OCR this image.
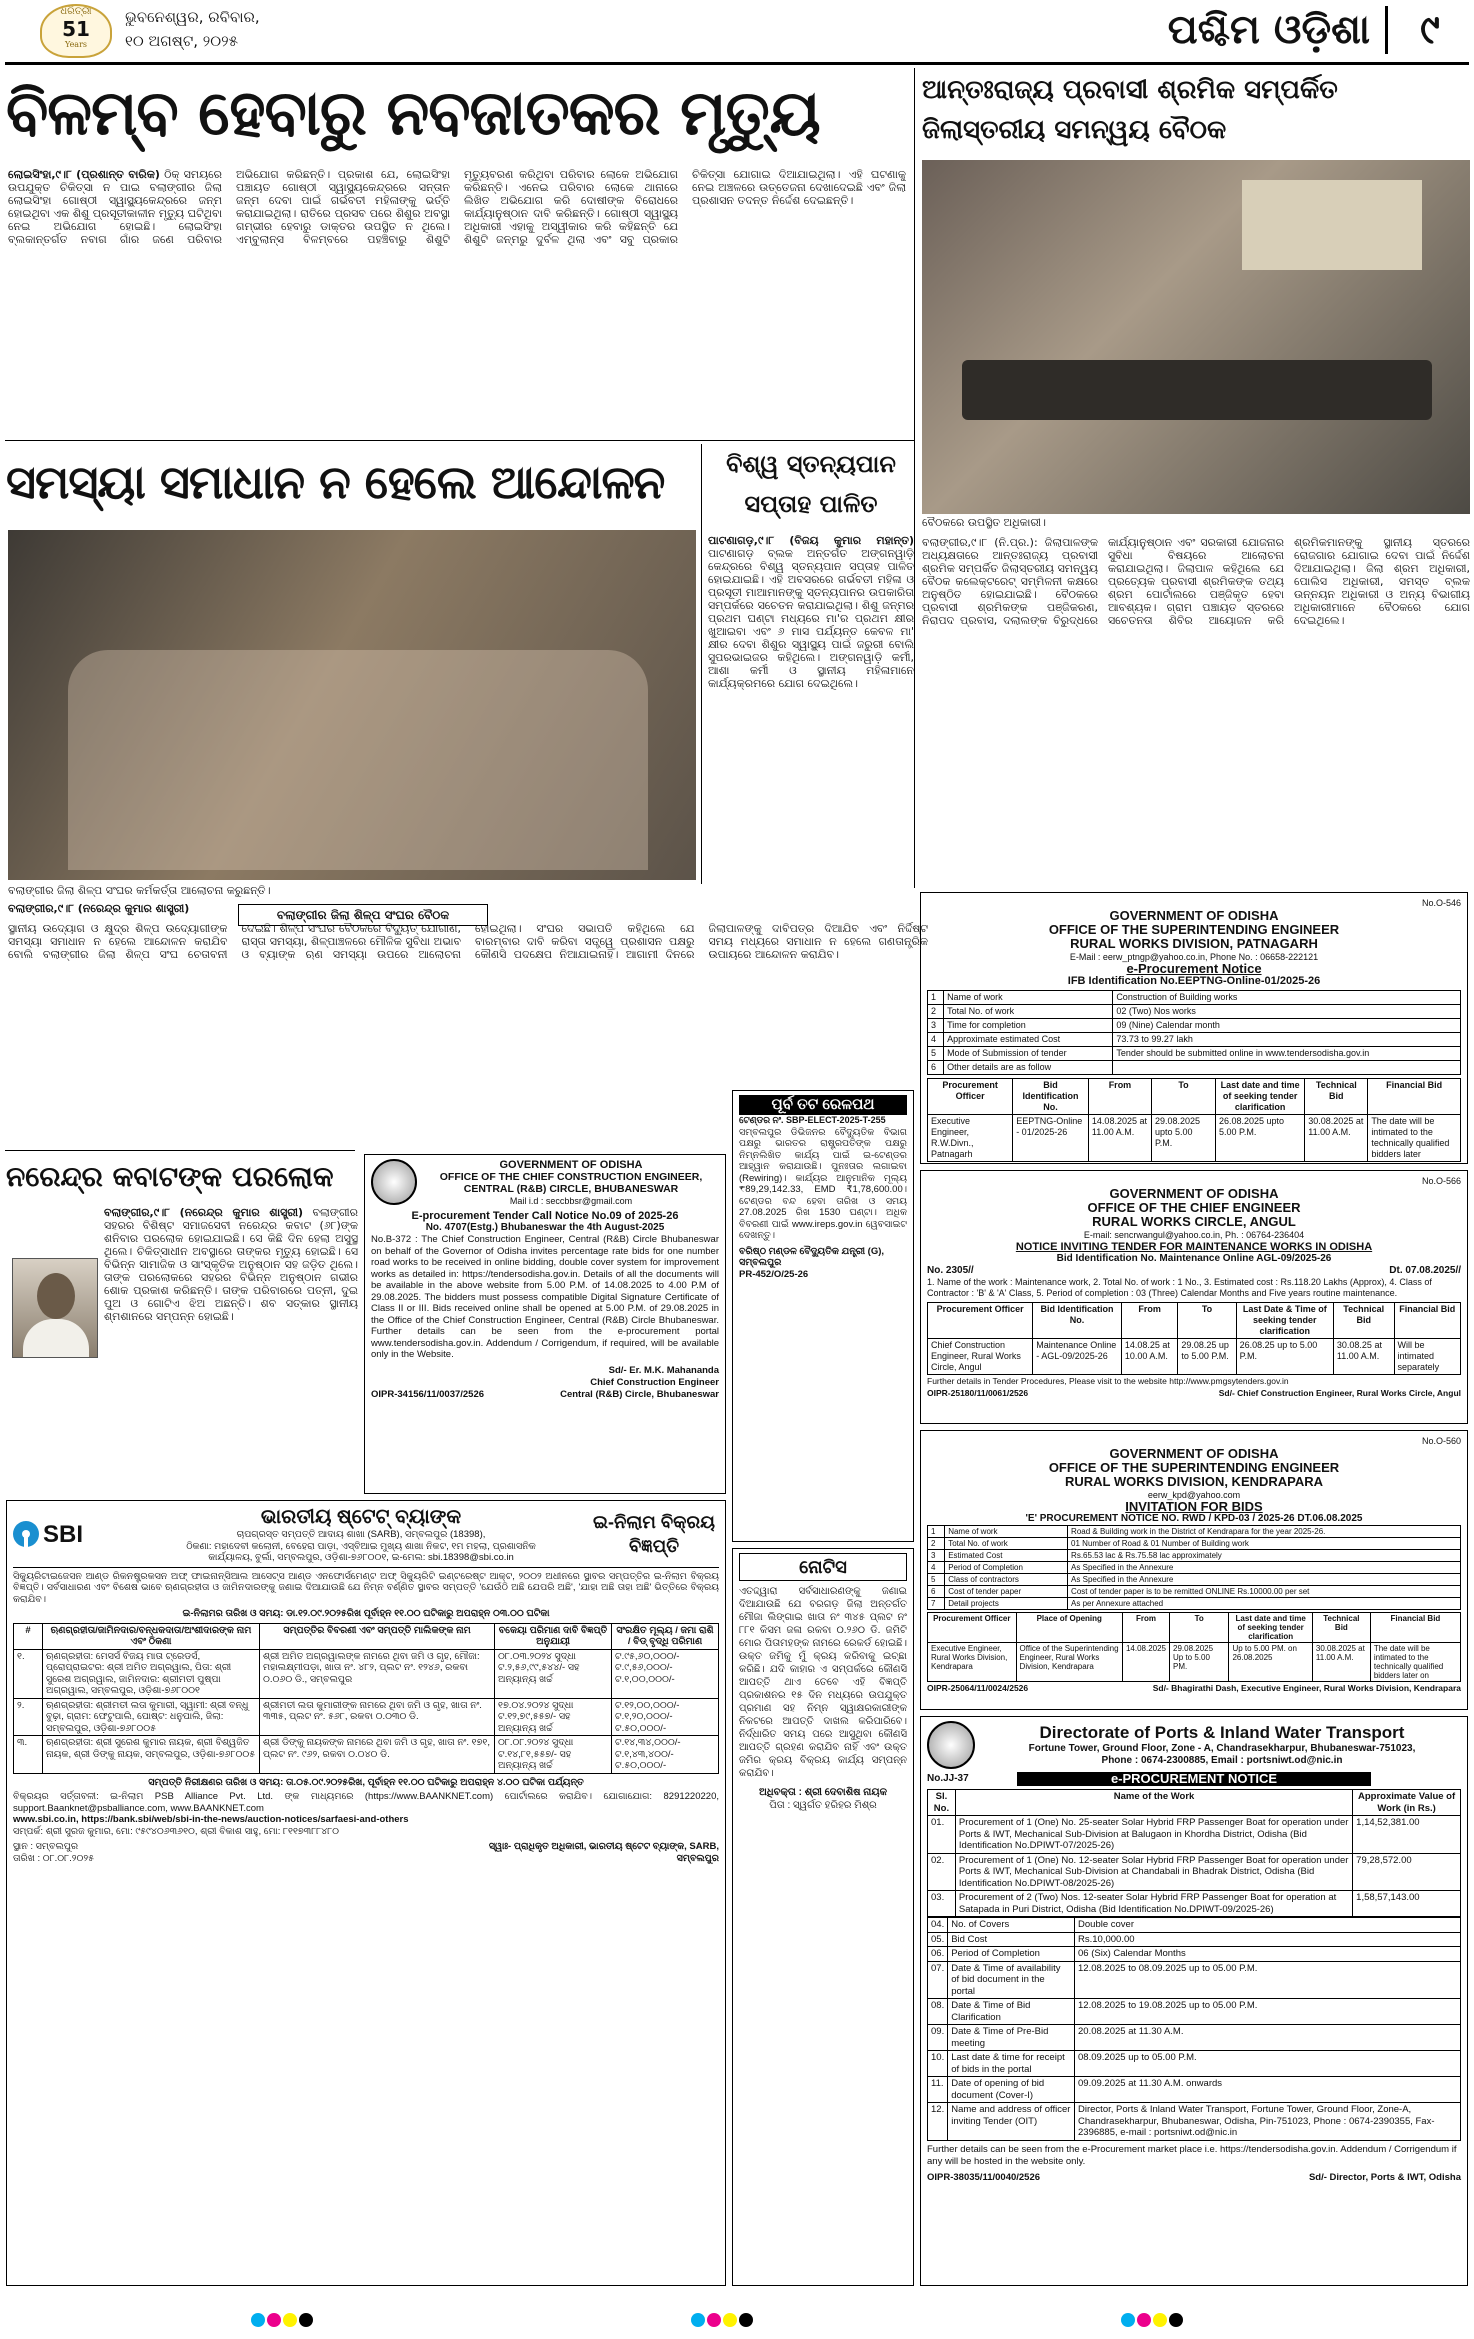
ଧରିତ୍ରୀ
51
Years
ଭୁବନେଶ୍ୱର, ରବିବାର,
୧୦ ଅଗଷ୍ଟ, ୨୦୨୫	ପଶ୍ଚିମ ଓଡ଼ିଶା	୯
ବିଳମ୍ବ ହେବାରୁ ନବଜାତକର ମୃତ୍ୟୁ
ଲୋଇସିଂହା,୯।୮ (ପ୍ରଶାନ୍ତ ବାରିକ) ଠିକ୍ ସମୟରେ ଉପଯୁକ୍ତ ଚିକିତ୍ସା ନ ପାଇ ବଲାଙ୍ଗୀର ଜିଲା ଲୋଇସିଂହା ଗୋଷ୍ଠୀ ସ୍ୱାସ୍ଥ୍ୟକେନ୍ଦ୍ରରେ ଜନ୍ମ ହୋଇଥିବା ଏକ ଶିଶୁ ପ୍ରସୂତୀକାଳୀନ ମୃତ୍ୟୁ ଘଟିଥିବା ନେଇ ଅଭିଯୋଗ ହୋଇଛି। ଲୋଇସିଂହା ବ୍ଲକାନ୍ତର୍ଗତ ନବାଗ ଗାଁର ଜଣେ ପରିବାର ଅଭିଯୋଗ କରିଛନ୍ତି। ପ୍ରକାଶ ଯେ, ଲୋଇସିଂହା ପଞ୍ଚାୟତ ଗୋଷ୍ଠୀ ସ୍ୱାସ୍ଥ୍ୟକେନ୍ଦ୍ରରେ ସନ୍ତାନ ଜନ୍ମ ଦେବା ପାଇଁ ଗର୍ଭବତୀ ମହିଳାଙ୍କୁ ଭର୍ତ୍ତି କରାଯାଇଥିଲା। ରାତିରେ ପ୍ରସବ ପରେ ଶିଶୁର ଅବସ୍ଥା ଗମ୍ଭୀର ହେବାରୁ ଡାକ୍ତର ଉପସ୍ଥିତ ନ ଥିଲେ। ଏମ୍ବୁଲାନ୍ସ ବିଳମ୍ବରେ ପହଞ୍ଚିବାରୁ ଶିଶୁଟି ମୃତ୍ୟୁବରଣ କରିଥିବା ପରିବାର ଲୋକେ ଅଭିଯୋଗ କରିଛନ୍ତି। ଏନେଇ ପରିବାର ଲୋକେ ଥାନାରେ ଲିଖିତ ଅଭିଯୋଗ କରି ଦୋଷୀଙ୍କ ବିରୋଧରେ କାର୍ଯ୍ୟାନୁଷ୍ଠାନ ଦାବି କରିଛନ୍ତି। ଗୋଷ୍ଠୀ ସ୍ୱାସ୍ଥ୍ୟ ଅଧିକାରୀ ଏହାକୁ ଅସ୍ୱୀକାର କରି କହିଛନ୍ତି ଯେ ଶିଶୁଟି ଜନ୍ମରୁ ଦୁର୍ବଳ ଥିଲା ଏବଂ ସବୁ ପ୍ରକାର ଚିକିତ୍ସା ଯୋଗାଇ ଦିଆଯାଇଥିଲା। ଏହି ଘଟଣାକୁ ନେଇ ଅଞ୍ଚଳରେ ଉତ୍ତେଜନା ଦେଖାଦେଇଛି ଏବଂ ଜିଲା ପ୍ରଶାସନ ତଦନ୍ତ ନିର୍ଦ୍ଦେଶ ଦେଇଛନ୍ତି।
ଆନ୍ତଃରାଜ୍ୟ ପ୍ରବାସୀ ଶ୍ରମିକ ସମ୍ପର୍କିତ ଜିଲାସ୍ତରୀୟ ସମନ୍ୱୟ ବୈଠକ
ବୈଠକରେ ଉପସ୍ଥିତ ଅଧିକାରୀ।
ବଲାଙ୍ଗୀର,୯।୮ (ନି.ପ୍ର.): ଜିଲାପାଳଙ୍କ ଅଧ୍ୟକ୍ଷତାରେ ଆନ୍ତଃରାଜ୍ୟ ପ୍ରବାସୀ ଶ୍ରମିକ ସମ୍ପର୍କିତ ଜିଲାସ୍ତରୀୟ ସମନ୍ୱୟ ବୈଠକ କଲେକ୍ଟରେଟ୍ ସମ୍ମିଳନୀ କକ୍ଷରେ ଅନୁଷ୍ଠିତ ହୋଇଯାଇଛି। ବୈଠକରେ ପ୍ରବାସୀ ଶ୍ରମିକଙ୍କ ପଞ୍ଜିକରଣ, ନିରାପଦ ପ୍ରବାସ, ଦଲାଲଙ୍କ ବିରୁଦ୍ଧରେ କାର୍ଯ୍ୟାନୁଷ୍ଠାନ ଏବଂ ସରକାରୀ ଯୋଜନାର ସୁବିଧା ବିଷୟରେ ଆଲୋଚନା କରାଯାଇଥିଲା। ଜିଲାପାଳ କହିଥିଲେ ଯେ ପ୍ରତ୍ୟେକ ପ୍ରବାସୀ ଶ୍ରମିକଙ୍କ ତଥ୍ୟ ଶ୍ରମ ପୋର୍ଟାଲରେ ପଞ୍ଜିକୃତ ହେବା ଆବଶ୍ୟକ। ଗ୍ରାମ ପଞ୍ଚାୟତ ସ୍ତରରେ ସଚେତନତା ଶିବିର ଆୟୋଜନ କରି ଶ୍ରମିକମାନଙ୍କୁ ସ୍ଥାନୀୟ ସ୍ତରରେ ରୋଜଗାର ଯୋଗାଇ ଦେବା ପାଇଁ ନିର୍ଦ୍ଦେଶ ଦିଆଯାଇଥିଲା। ଜିଲା ଶ୍ରମ ଅଧିକାରୀ, ପୋଲିସ ଅଧିକାରୀ, ସମସ୍ତ ବ୍ଲକ ଉନ୍ନୟନ ଅଧିକାରୀ ଓ ଅନ୍ୟ ବିଭାଗୀୟ ଅଧିକାରୀମାନେ ବୈଠକରେ ଯୋଗ ଦେଇଥିଲେ।
ସମସ୍ୟା ସମାଧାନ ନ ହେଲେ ଆନ୍ଦୋଳନ
ବଲାଙ୍ଗୀର ଜିଲା ଶିଳ୍ପ ସଂଘର କର୍ମକର୍ତ୍ତା ଆଲୋଚନା କରୁଛନ୍ତି।
ବଲାଙ୍ଗୀର,୯।୮ (ନରେନ୍ଦ୍ର କୁମାର ଶାସ୍ତ୍ରୀ)	ବଲାଙ୍ଗୀର ଜିଲା ଶିଳ୍ପ ସଂଘର ବୈଠକ
ସ୍ଥାନୀୟ ଉଦ୍ୟୋଗ ଓ କ୍ଷୁଦ୍ର ଶିଳ୍ପ ଉଦ୍ୟୋଗୀଙ୍କ ସମସ୍ୟା ସମାଧାନ ନ ହେଲେ ଆନ୍ଦୋଳନ କରାଯିବ ବୋଲି ବଲାଙ୍ଗୀର ଜିଲା ଶିଳ୍ପ ସଂଘ ଚେତାବନୀ ଦେଇଛି। ଶିଳ୍ପ ସଂଘର ବୈଠକରେ ବିଦ୍ୟୁତ୍ ଯୋଗାଣ, ରାସ୍ତା ସମସ୍ୟା, ଶିଳ୍ପାଞ୍ଚଳରେ ମୌଳିକ ସୁବିଧା ଅଭାବ ଓ ବ୍ୟାଙ୍କ ଋଣ ସମସ୍ୟା ଉପରେ ଆଲୋଚନା ହୋଇଥିଲା। ସଂଘର ସଭାପତି କହିଥିଲେ ଯେ ବାରମ୍ବାର ଦାବି କରିବା ସତ୍ତ୍ୱେ ପ୍ରଶାସନ ପକ୍ଷରୁ କୌଣସି ପଦକ୍ଷେପ ନିଆଯାଇନାହିଁ। ଆଗାମୀ ଦିନରେ ଜିଲାପାଳଙ୍କୁ ଦାବିପତ୍ର ଦିଆଯିବ ଏବଂ ନିର୍ଦ୍ଦିଷ୍ଟ ସମୟ ମଧ୍ୟରେ ସମାଧାନ ନ ହେଲେ ଗଣତାନ୍ତ୍ରିକ ଉପାୟରେ ଆନ୍ଦୋଳନ କରାଯିବ।
ବିଶ୍ୱ ସ୍ତନ୍ୟପାନ ସପ୍ତାହ ପାଳିତ
ପାଟଣାଗଡ଼,୯।୮ (ବିଜୟ କୁମାର ମହାନ୍ତ) ପାଟଣାଗଡ଼ ବ୍ଲକ ଅନ୍ତର୍ଗତ ଅଙ୍ଗନୱାଡ଼ି କେନ୍ଦ୍ରରେ ବିଶ୍ୱ ସ୍ତନ୍ୟପାନ ସପ୍ତାହ ପାଳିତ ହୋଇଯାଇଛି। ଏହି ଅବସରରେ ଗର୍ଭବତୀ ମହିଳା ଓ ପ୍ରସୂତୀ ମାଆମାନଙ୍କୁ ସ୍ତନ୍ୟପାନର ଉପକାରିତା ସମ୍ପର୍କରେ ସଚେତନ କରାଯାଇଥିଲା। ଶିଶୁ ଜନ୍ମର ପ୍ରଥମ ଘଣ୍ଟା ମଧ୍ୟରେ ମା'ର ପ୍ରଥମ କ୍ଷୀର ଖୁଆଇବା ଏବଂ ୬ ମାସ ପର୍ଯ୍ୟନ୍ତ କେବଳ ମା' କ୍ଷୀର ଦେବା ଶିଶୁର ସ୍ୱାସ୍ଥ୍ୟ ପାଇଁ ଜରୁରୀ ବୋଲି ସୁପରଭାଇଜର କହିଥିଲେ। ଅଙ୍ଗନୱାଡ଼ି କର୍ମୀ, ଆଶା କର୍ମୀ ଓ ସ୍ଥାନୀୟ ମହିଳାମାନେ କାର୍ଯ୍ୟକ୍ରମରେ ଯୋଗ ଦେଇଥିଲେ।
No.O-546
GOVERNMENT OF ODISHA
OFFICE OF THE SUPERINTENDING ENGINEER
RURAL WORKS DIVISION, PATNAGARH
E-Mail : eerw_ptngp@yahoo.co.in, Phone No. : 06658-222121
e-Procurement Notice
IFB Identification No.EEPTNG-Online-01/2025-26
1	Name of work	Construction of Building works
2	Total No. of work	02 (Two) Nos works
3	Time for completion	09 (Nine) Calendar month
4	Approximate estimated Cost	73.73 to 99.27 lakh
5	Mode of Submission of tender	Tender should be submitted online in www.tendersodisha.gov.in
6	Other details are as follow	
Procurement Officer	Bid Identification No.	From	To	Last date and time of seeking tender clarification	Technical Bid	Financial Bid
Executive Engineer, R.W.Divn., Patnagarh	EEPTNG-Online - 01/2025-26	14.08.2025 at 11.00 A.M.	29.08.2025 upto 5.00 P.M.	26.08.2025 upto 5.00 P.M.	30.08.2025 at 11.00 A.M.	The date will be intimated to the technically qualified bidders later
No.O-566
GOVERNMENT OF ODISHA
OFFICE OF THE CHIEF ENGINEER
RURAL WORKS CIRCLE, ANGUL
E-mail: sencrwangul@yahoo.co.in, Ph. : 06764-236404
NOTICE INVITING TENDER FOR MAINTENANCE WORKS IN ODISHA
Bid Identification No. Maintenance Online AGL-09/2025-26
No. 2305//	Dt. 07.08.2025//
1. Name of the work : Maintenance work, 2. Total No. of work : 1 No., 3. Estimated cost : Rs.118.20 Lakhs (Approx), 4. Class of Contractor : 'B' & 'A' Class, 5. Period of completion : 03 (Three) Calendar Months and Five years routine maintenance.
Procurement Officer	Bid Identification No.	From	To	Last Date & Time of seeking tender clarification	Technical Bid	Financial Bid
Chief Construction Engineer, Rural Works Circle, Angul	Maintenance Online - AGL-09/2025-26	14.08.25 at 10.00 A.M.	29.08.25 up to 5.00 P.M.	26.08.25 up to 5.00 P.M.	30.08.25 at 11.00 A.M.	Will be intimated separately
Further details in Tender Procedures, Please visit to the website http://www.pmgsytenders.gov.in
OIPR-25180/11/0061/2526	Sd/- Chief Construction Engineer, Rural Works Circle, Angul
No.O-560
GOVERNMENT OF ODISHA
OFFICE OF THE SUPERINTENDING ENGINEER
RURAL WORKS DIVISION, KENDRAPARA
eerw_kpd@yahoo.com
INVITATION FOR BIDS
'E' PROCUREMENT NOTICE NO. RWD / KPD-03 / 2025-26 DT.06.08.2025
1	Name of work	Road & Building work in the District of Kendrapara for the year 2025-26.
2	Total No. of work	01 Number of Road & 01 Number of Building work
3	Estimated Cost	Rs.65.53 lac & Rs.75.58 lac approximately
4	Period of Completion	As Specified in the Annexure
5	Class of contractors	As Specified in the Annexure
6	Cost of tender paper	Cost of tender paper is to be remitted ONLINE Rs.10000.00 per set
7	Detail projects	As per Annexure attached
Procurement Officer	Place of Opening	From	To	Last date and time of seeking tender clarification	Technical Bid	Financial Bid
Executive Engineer, Rural Works Division, Kendrapara	Office of the Superintending Engineer, Rural Works Division, Kendrapara	14.08.2025	29.08.2025 Up to 5.00 PM.	Up to 5.00 PM. on 26.08.2025	30.08.2025 at 11.00 A.M.	The date will be intimated to the technically qualified bidders later on
OIPR-25064/11/0024/2526	Sd/- Bhagirathi Dash, Executive Engineer, Rural Works Division, Kendrapara
Directorate of Ports & Inland Water Transport
Fortune Tower, Ground Floor, Zone - A, Chandrasekharpur, Bhubaneswar-751023,
Phone : 0674-2300885, Email : portsniwt.od@nic.in
No.JJ-37	e-PROCUREMENT NOTICE
Sl. No.	Name of the Work	Approximate Value of Work (in Rs.)
01.	Procurement of 1 (One) No. 25-seater Solar Hybrid FRP Passenger Boat for operation under Ports & IWT, Mechanical Sub-Division at Balugaon in Khordha District, Odisha (Bid Identification No.DPIWT-07/2025-26)	1,14,52,381.00
02.	Procurement of 1 (One) No. 12-seater Solar Hybrid FRP Passenger Boat for operation under Ports & IWT, Mechanical Sub-Division at Chandabali in Bhadrak District, Odisha (Bid Identification No.DPIWT-08/2025-26)	79,28,572.00
03.	Procurement of 2 (Two) Nos. 12-seater Solar Hybrid FRP Passenger Boat for operation at Satapada in Puri District, Odisha (Bid Identification No.DPIWT-09/2025-26)	1,58,57,143.00
04.	No. of Covers	Double cover
05.	Bid Cost	Rs.10,000.00
06.	Period of Completion	06 (Six) Calendar Months
07.	Date & Time of availability of bid document in the portal	12.08.2025 to 08.09.2025 up to 05.00 P.M.
08.	Date & Time of Bid Clarification	12.08.2025 to 19.08.2025 up to 05.00 P.M.
09.	Date & Time of Pre-Bid meeting	20.08.2025 at 11.30 A.M.
10.	Last date & time for receipt of bids in the portal	08.09.2025 up to 05.00 P.M.
11.	Date of opening of bid document (Cover-I)	09.09.2025 at 11.30 A.M. onwards
12.	Name and address of officer inviting Tender (OIT)	Director, Ports & Inland Water Transport, Fortune Tower, Ground Floor, Zone-A, Chandrasekharpur, Bhubaneswar, Odisha, Pin-751023, Phone : 0674-2390355, Fax-2396885, e-mail : portsniwt.od@nic.in
Further details can be seen from the e-Procurement market place i.e. https://tendersodisha.gov.in. Addendum / Corrigendum if any will be hosted in the website only.
OIPR-38035/11/0040/2526	Sd/- Director, Ports & IWT, Odisha
ନରେନ୍ଦ୍ର କବାଟଙ୍କ ପରଲୋକ
ବଲାଙ୍ଗୀର,୯।୮ (ନରେନ୍ଦ୍ର କୁମାର ଶାସ୍ତ୍ରୀ) ବଲାଙ୍ଗୀର ସହରର ବିଶିଷ୍ଟ ସମାଜସେବୀ ନରେନ୍ଦ୍ର କବାଟ (୬୮)ଙ୍କ ଶନିବାର ପରଲୋକ ହୋଇଯାଇଛି। ସେ କିଛି ଦିନ ହେଲା ଅସୁସ୍ଥ ଥିଲେ। ଚିକିତ୍ସାଧୀନ ଅବସ୍ଥାରେ ତାଙ୍କର ମୃତ୍ୟୁ ହୋଇଛି। ସେ ବିଭିନ୍ନ ସାମାଜିକ ଓ ସାଂସ୍କୃତିକ ଅନୁଷ୍ଠାନ ସହ ଜଡ଼ିତ ଥିଲେ। ତାଙ୍କ ପରଲୋକରେ ସହରର ବିଭିନ୍ନ ଅନୁଷ୍ଠାନ ଗଭୀର ଶୋକ ପ୍ରକାଶ କରିଛନ୍ତି। ତାଙ୍କ ପରିବାରରେ ପତ୍ନୀ, ଦୁଇ ପୁଅ ଓ ଗୋଟିଏ ଝିଅ ଅଛନ୍ତି। ଶବ ସତ୍କାର ସ୍ଥାନୀୟ ଶ୍ମଶାନରେ ସମ୍ପନ୍ନ ହୋଇଛି।
GOVERNMENT OF ODISHA
OFFICE OF THE CHIEF CONSTRUCTION ENGINEER,
CENTRAL (R&B) CIRCLE, BHUBANESWAR
Mail i.d : seccbbsr@gmail.com
E-procurement Tender Call Notice No.09 of 2025-26
No. 4707(Estg.) Bhubaneswar the 4th August-2025
No.B-372 : The Chief Construction Engineer, Central (R&B) Circle Bhubaneswar on behalf of the Governor of Odisha invites percentage rate bids for one number road works to be received in online bidding, double cover system for improvement works as detailed in: https://tendersodisha.gov.in. Details of all the documents will be available in the above website from 5.00 P.M. of 14.08.2025 to 4.00 P.M of 29.08.2025. The bidders must possess compatible Digital Signature Certificate of Class II or III. Bids received online shall be opened at 5.00 P.M. of 29.08.2025 in the Office of the Chief Construction Engineer, Central (R&B) Circle Bhubaneswar. Further details can be seen from the e-procurement portal www.tendersodisha.gov.in. Addendum / Corrigendum, if required, will be available only in the Website.
Sd/- Er. M.K. Mahananda
Chief Construction Engineer
OIPR-34156/11/0037/2526	Central (R&B) Circle, Bhubaneswar
ପୂର୍ବ ତଟ ରେଳପଥ
ଟେଣ୍ଡର ନଂ. SBP-ELECT-2025-T-255
ସମ୍ବଲପୁର ଡିଭିଜନର ବୈଦ୍ୟୁତିକ ବିଭାଗ ପକ୍ଷରୁ ଭାରତର ରାଷ୍ଟ୍ରପତିଙ୍କ ପକ୍ଷରୁ ନିମ୍ନଲିଖିତ କାର୍ଯ୍ୟ ପାଇଁ ଇ-ଟେଣ୍ଡର ଆହ୍ୱାନ କରାଯାଉଛି। ପୁନଃତାର ଲଗାଇବା (Rewiring)। କାର୍ଯ୍ୟର ଆନୁମାନିକ ମୂଲ୍ୟ ₹89,29,142.33, EMD ₹1,78,600.00। ଟେଣ୍ଡର ବନ୍ଦ ହେବା ତାରିଖ ଓ ସମୟ 27.08.2025 ରିଖ 1530 ଘଣ୍ଟା। ଅଧିକ ବିବରଣୀ ପାଇଁ www.ireps.gov.in ୱେବସାଇଟ ଦେଖନ୍ତୁ।
ବରିଷ୍ଠ ମଣ୍ଡଳ ବୈଦ୍ୟୁତିକ ଯନ୍ତ୍ରୀ (G), ସମ୍ବଲପୁର
PR-452/O/25-26
ନୋଟିସ
ଏତଦ୍ଦ୍ୱାରା ସର୍ବସାଧାରଣଙ୍କୁ ଜଣାଇ ଦିଆଯାଉଛି ଯେ ବରଗଡ଼ ଜିଲା ଅନ୍ତର୍ଗତ ମୌଜା ଲିଙ୍ଗାଇ ଖାତା ନଂ ୩୪୫ ପ୍ଲଟ ନଂ ୮୮୧ କିସମ ଜଳା ରକବା ୦.୨୬୦ ଡି. ଜମିଟି ମୋର ପିତାମହଙ୍କ ନାମରେ ରେକର୍ଡ ହୋଇଛି। ଉକ୍ତ ଜମିକୁ ମୁଁ କ୍ରୟ କରିବାକୁ ଇଚ୍ଛା କରିଛି। ଯଦି କାହାର ଏ ସମ୍ପର୍କରେ କୌଣସି ଆପତ୍ତି ଥାଏ ତେବେ ଏହି ବିଜ୍ଞପ୍ତି ପ୍ରକାଶନର ୧୫ ଦିନ ମଧ୍ୟରେ ଉପଯୁକ୍ତ ପ୍ରମାଣ ସହ ନିମ୍ନ ସ୍ୱାକ୍ଷରକାରୀଙ୍କ ନିକଟରେ ଆପତ୍ତି ଦାଖଲ କରିପାରିବେ। ନିର୍ଦ୍ଧାରିତ ସମୟ ପରେ ଆସୁଥିବା କୌଣସି ଆପତ୍ତି ଗ୍ରହଣ କରାଯିବ ନାହିଁ ଏବଂ ଉକ୍ତ ଜମିର କ୍ରୟ ବିକ୍ରୟ କାର୍ଯ୍ୟ ସମ୍ପନ୍ନ କରାଯିବ।
ଅଧିବକ୍ତା : ଶ୍ରୀ ଦେବାଶିଷ ନାୟକ
ପିତା : ସ୍ୱର୍ଗତ ହରିହର ମିଶ୍ର
SBI
ଭାରତୀୟ ଷ୍ଟେଟ୍ ବ୍ୟାଙ୍କ
ଚାପଗ୍ରସ୍ତ ସମ୍ପତ୍ତି ଆଦାୟ ଶାଖା (SARB), ସମ୍ବଲପୁର (18398),
ଠିକଣା: ମହାଦେବୀ କଲୋନୀ, ବେହେରା ପାଡ଼ା, ଏସ୍‌ବିଆଇ ମୁଖ୍ୟ ଶାଖା ନିକଟ, ୧ମ ମହଲା, ପ୍ରଶାସନିକ
କାର୍ଯ୍ୟାଳୟ, ବୁର୍ଲା, ସମ୍ବଲପୁର, ଓଡ଼ିଶା-୭୬୮୦୦୧, ଇ-ମେଲ: sbi.18398@sbi.co.in
ଇ-ନିଲାମ ବିକ୍ରୟ ବିଜ୍ଞପ୍ତି
ସିକ୍ୟୁରିଟାଇଜେସନ ଆଣ୍ଡ ରିକନଷ୍ଟ୍ରକସନ ଅଫ୍ ଫାଇନାନ୍ସିଆଲ ଆସେଟ୍ସ ଆଣ୍ଡ ଏନଫୋର୍ସମେଣ୍ଟ ଅଫ୍ ସିକ୍ୟୁରିଟି ଇଣ୍ଟରେଷ୍ଟ ଆକ୍ଟ, ୨୦୦୨ ଅଧୀନରେ ସ୍ଥାବର ସମ୍ପତ୍ତିର ଇ-ନିଲାମ ବିକ୍ରୟ ବିଜ୍ଞପ୍ତି। ସର୍ବସାଧାରଣ ଏବଂ ବିଶେଷ ଭାବେ ଋଣଗ୍ରହୀତା ଓ ଜାମିନଦାରଙ୍କୁ ଜଣାଇ ଦିଆଯାଉଛି ଯେ ନିମ୍ନ ବର୍ଣ୍ଣିତ ସ୍ଥାବର ସମ୍ପତ୍ତି 'ଯେଉଁଠି ଅଛି ଯେପରି ଅଛି', 'ଯାହା ଅଛି ତାହା ଅଛି' ଭିତ୍ତିରେ ବିକ୍ରୟ କରାଯିବ।
ଇ-ନିଲାମର ତାରିଖ ଓ ସମୟ: ଡା.୧୨.୦୯.୨୦୨୫ରିଖ ପୂର୍ବାହ୍ନ ୧୧.୦୦ ଘଟିକାରୁ ଅପରାହ୍ନ ୦୩.୦୦ ଘଟିକା
#	ଋଣଗ୍ରହୀତା/ଜାମିନଦାର/ବନ୍ଧକଦାତା/ଅଂଶୀଦାରଙ୍କ ନାମ ଏବଂ ଠିକଣା	ସମ୍ପତ୍ତିର ବିବରଣୀ ଏବଂ ସମ୍ପତ୍ତି ମାଲିକଙ୍କ ନାମ	ବକେୟା ପରିମାଣ ଦାବି ବିଜ୍ଞପ୍ତି ଅନୁଯାୟୀ	ସଂରକ୍ଷିତ ମୂଲ୍ୟ / ଜମା ରାଶି / ବିଡ୍ ବୃଦ୍ଧି ପରିମାଣ
୧.	ଋଣଗ୍ରହୀତା: ମେସର୍ସ ବିଜୟ ମାତା ଟ୍ରେଡର୍ସ, ପ୍ରୋପ୍ରାଇଟର: ଶ୍ରୀ ଅମିତ ଅଗ୍ରୱାଲ, ପିତା: ଶ୍ରୀ ସୁରେଶ ଅଗ୍ରୱାଲ, ଜାମିନଦାର: ଶ୍ରୀମତୀ ପୁଷ୍ପା ଅଗ୍ରୱାଲ, ସମ୍ବଲପୁର, ଓଡ଼ିଶା-୭୬୮୦୦୧	ଶ୍ରୀ ଅମିତ ଅଗ୍ରୱାଲଙ୍କ ନାମରେ ଥିବା ଜମି ଓ ଗୃହ, ମୌଜା: ମହାଲକ୍ଷ୍ମୀପଡ଼ା, ଖାତା ନଂ. ୪୮୨, ପ୍ଲଟ ନଂ. ୧୨୪୬, ରକବା ୦.୦୬୦ ଡି., ସମ୍ବଲପୁର	୦୮.୦୩.୨୦୨୪ ସୁଦ୍ଧା ଟ.୨,୫୬,୯୯,୫୪୪/- ସହ ଅନ୍ୟାନ୍ୟ ଖର୍ଚ୍ଚ	ଟ.୯୫,୬୦,୦୦୦/- ଟ.୯,୫୬,୦୦୦/- ଟ.୧,୦୦,୦୦୦/-
୨.	ଋଣଗ୍ରହୀତା: ଶ୍ରୀମତୀ ଲତା କୁମାରୀ, ସ୍ୱାମୀ: ଶ୍ରୀ ବନ୍ଧୁ ବୁଢ଼ା, ଗ୍ରାମ: ଫେଟୁପାଲି, ପୋଷ୍ଟ: ଧନୁପାଲି, ଜିଲା: ସମ୍ବଲପୁର, ଓଡ଼ିଶା-୭୬୮୦୦୫	ଶ୍ରୀମତୀ ଲତା କୁମାରୀଙ୍କ ନାମରେ ଥିବା ଜମି ଓ ଗୃହ, ଖାତା ନଂ. ୩୩୫, ପ୍ଲଟ ନଂ. ୫୬୮, ରକବା ୦.୦୩୦ ଡି.	୧୭.୦୪.୨୦୨୪ ସୁଦ୍ଧା ଟ.୧୨,୭୯,୫୫୭/- ସହ ଅନ୍ୟାନ୍ୟ ଖର୍ଚ୍ଚ	ଟ.୧୨,୦୦,୦୦୦/- ଟ.୧,୨୦,୦୦୦/- ଟ.୫୦,୦୦୦/-
୩.	ଋଣଗ୍ରହୀତା: ଶ୍ରୀ ସୁରେଶ କୁମାର ନାୟକ, ଶ୍ରୀ ବିଶ୍ୱଜିତ ନାୟକ, ଶ୍ରୀ ଡିଙ୍କୁ ନାୟକ, ସମ୍ବଲପୁର, ଓଡ଼ିଶା-୭୬୮୦୦୫	ଶ୍ରୀ ଡିଙ୍କୁ ନାୟକଙ୍କ ନାମରେ ଥିବା ଜମି ଓ ଗୃହ, ଖାତା ନଂ. ୧୭୧, ପ୍ଲଟ ନଂ. ୯୬୨, ରକବା ୦.୦୪୦ ଡି.	୦୮.୦୮.୨୦୨୪ ସୁଦ୍ଧା ଟ.୧୪,୮୧,୫୫୭/- ସହ ଅନ୍ୟାନ୍ୟ ଖର୍ଚ୍ଚ	ଟ.୧୪,୩୪,୦୦୦/- ଟ.୧,୪୩,୪୦୦/- ଟ.୫୦,୦୦୦/-
ସମ୍ପତ୍ତି ନିରୀକ୍ଷଣର ତାରିଖ ଓ ସମୟ: ତା.୦୫.୦୯.୨୦୨୫ରିଖ, ପୂର୍ବାହ୍ନ ୧୧.୦୦ ଘଟିକାରୁ ଅପରାହ୍ନ ୪.୦୦ ଘଟିକା ପର୍ଯ୍ୟନ୍ତ
ବିକ୍ରୟର ସର୍ତ୍ତାବଳୀ: ଇ-ନିଲାମ PSB Alliance Pvt. Ltd. ଙ୍କ ମାଧ୍ୟମରେ (https://www.BAANKNET.com) ପୋର୍ଟାଲରେ କରାଯିବ। ଯୋଗାଯୋଗ: 8291220220, support.Baanknet@psballiance.com, www.BAANKNET.com
www.sbi.co.in, https://bank.sbi/web/sbi-in-the-news/auction-notices/sarfaesi-and-others
ସମ୍ପର୍କ: ଶ୍ରୀ ସୁରଜ କୁମାର, ମୋ: ୯୫୯୪୦୬୩୬୧୦, ଶ୍ରୀ ବିକାଶ ସାହୁ, ମୋ: ୮୧୧୭୩୮୮୪୮୦
ସ୍ଥାନ : ସମ୍ବଲପୁର
ତାରିଖ : ୦୮.୦୮.୨୦୨୫
ସ୍ୱାଃ- ପ୍ରାଧିକୃତ ଅଧିକାରୀ, ଭାରତୀୟ ଷ୍ଟେଟ ବ୍ୟାଙ୍କ, SARB, ସମ୍ବଲପୁର
